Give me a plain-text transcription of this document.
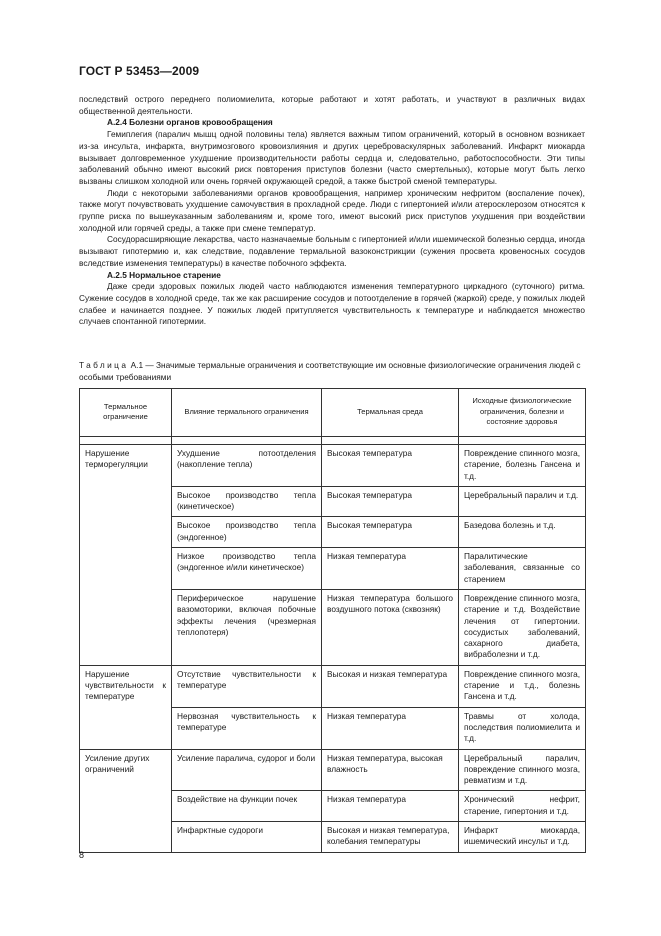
ГОСТ Р 53453—2009

последствий острого переднего полиомиелита, которые работают и хотят работать, и участвуют в различных видах общественной деятельности.

А.2.4 Болезни органов кровообращения

Гемиплегия (паралич мышц одной половины тела) является важным типом ограничений, который в основном возникает из-за инсульта, инфаркта, внутримозгового кровоизлияния и других цереброваскулярных заболеваний. Инфаркт миокарда вызывает долговременное ухудшение производительности работы сердца и, следовательно, работоспособности. Эти типы заболеваний обычно имеют высокий риск повторения приступов болезни (часто смертельных), которые могут быть легко вызваны слишком холодной или очень горячей окружающей средой, а также быстрой сменой температуры.

Люди с некоторыми заболеваниями органов кровообращения, например хроническим нефритом (воспаление почек), также могут почувствовать ухудшение самочувствия в прохладной среде. Люди с гипертонией и/или атеросклерозом относятся к группе риска по вышеуказанным заболеваниям и, кроме того, имеют высокий риск приступов ухудшения при воздействии холодной или горячей среды, а также при смене температур.

Сосудорасширяющие лекарства, часто назначаемые больным с гипертонией и/или ишемической болезнью сердца, иногда вызывают гипотермию и, как следствие, подавление термальной вазоконстрикции (сужения просвета кровеносных сосудов вследствие изменения температуры) в качестве побочного эффекта.

А.2.5 Нормальное старение

Даже среди здоровых пожилых людей часто наблюдаются изменения температурного циркадного (суточного) ритма. Сужение сосудов в холодной среде, так же как расширение сосудов и потоотделение в горячей (жаркой) среде, у пожилых людей слабее и начинается позднее. У пожилых людей притупляется чувствительность к температуре и наблюдается множество случаев спонтанной гипотермии.

Таблица А.1 — Значимые термальные ограничения и соответствующие им основные физиологические ограничения людей с особыми требованиями
Термальное ограничение	Влияние термального ограничения	Термальная среда	Исходные физиологические ограничения, болезни и состояние здоровья

Нарушение терморегуляции	Ухудшение потоотделения (накопление тепла)	Высокая температура	Повреждение спинного мозга, старение, болезнь Гансена и т.д.
	Высокое производство тепла (кинетическое)	Высокая температура	Церебральный паралич и т.д.
	Высокое производство тепла (эндогенное)	Высокая температура	Базедова болезнь и т.д.
	Низкое производство тепла (эндогенное и/или кинетическое)	Низкая температура	Паралитические заболевания, связанные со старением
	Периферическое нарушение вазомоторики, включая побочные эффекты лечения (чрезмерная теплопотеря)	Низкая температура большого воздушного потока (сквозняк)	Повреждение спинного мозга, старение и т.д. Воздействие лечения от гипертонии. сосудистых заболеваний, сахарного диабета, вибраболезни и т.д.
Нарушение чувствительности к температуре	Отсутствие чувствительности к температуре	Высокая и низкая температура	Повреждение спинного мозга, старение и т.д., болезнь Гансена и т.д.
	Нервозная чувствительность к температуре	Низкая температура	Травмы от холода, последствия полиомиелита и т.д.
Усиление других ограничений	Усиление паралича, судорог и боли	Низкая температура, высокая влажность	Церебральный паралич, повреждение спинного мозга, ревматизм и т.д.
	Воздействие на функции почек	Низкая температура	Хронический нефрит, старение, гипертония и т.д.
	Инфарктные судороги	Высокая и низкая температура, колебания температуры	Инфаркт миокарда, ишемический инсульт и т.д.
8
